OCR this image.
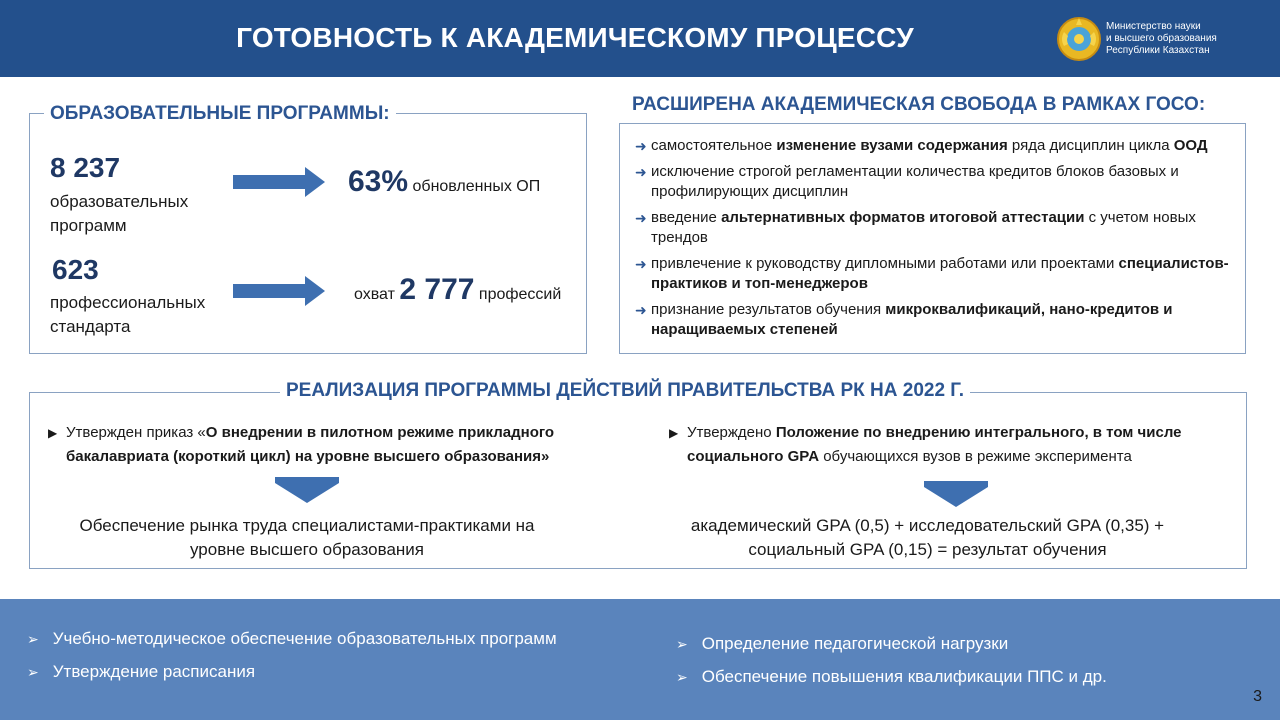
ГОТОВНОСТЬ К АКАДЕМИЧЕСКОМУ ПРОЦЕССУ	Министерство науки
и высшего образования
Республики Казахстан
ОБРАЗОВАТЕЛЬНЫЕ ПРОГРАММЫ:
8 237
образовательных
программ
63% обновленных ОП
623
профессиональных
стандарта
охват 2 777 профессий
РАСШИРЕНА АКАДЕМИЧЕСКАЯ СВОБОДА В РАМКАХ ГОСО:
➜ самостоятельное изменение вузами содержания ряда дисциплин цикла ООД
➜ исключение строгой регламентации количества кредитов блоков базовых и профилирующих дисциплин
➜ введение альтернативных форматов итоговой аттестации с учетом новых трендов
➜ привлечение к руководству дипломными работами или проектами специалистов-практиков и топ-менеджеров
➜ признание результатов обучения микроквалификаций, нано-кредитов и наращиваемых степеней
РЕАЛИЗАЦИЯ ПРОГРАММЫ ДЕЙСТВИЙ ПРАВИТЕЛЬСТВА РК НА 2022 Г.
▶ Утвержден приказ «О внедрении в пилотном режиме прикладного бакалавриата (короткий цикл) на уровне высшего образования»
Обеспечение рынка труда специалистами-практиками на уровне высшего образования
▶ Утверждено Положение по внедрению интегрального, в том числе социального GPA обучающихся вузов в режиме эксперимента
академический GPA (0,5) + исследовательский GPA (0,35) + социальный GPA (0,15) = результат обучения
➢ Учебно-методическое обеспечение образовательных программ
➢ Утверждение расписания
➢ Определение педагогической нагрузки
➢ Обеспечение повышения квалификации ППС и др.
3
